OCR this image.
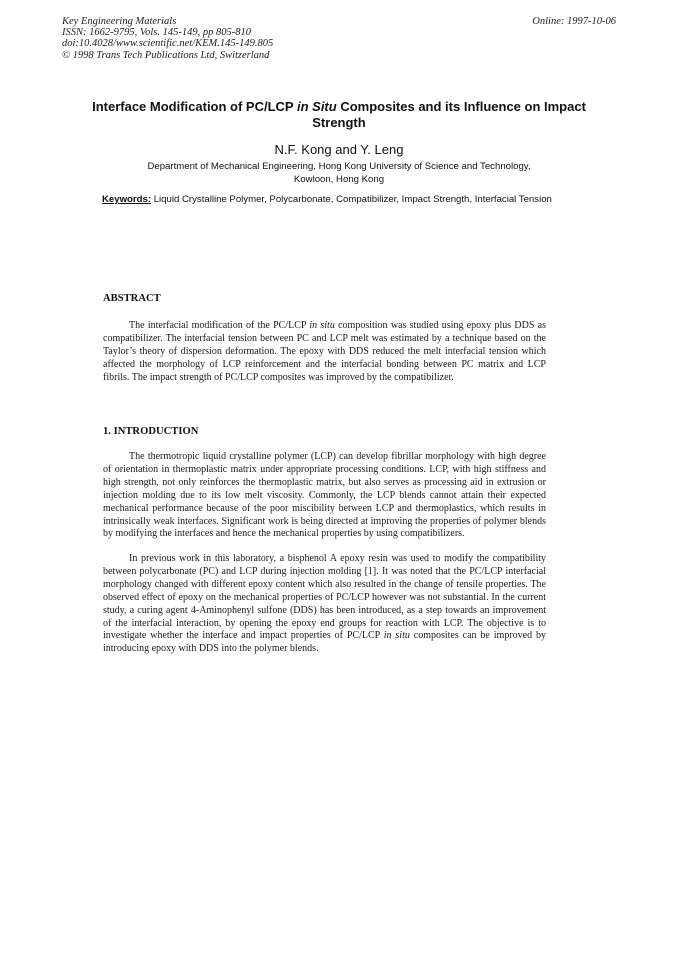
Key Engineering Materials
ISSN: 1662-9795, Vols. 145-149, pp 805-810
doi:10.4028/www.scientific.net/KEM.145-149.805
© 1998 Trans Tech Publications Ltd, Switzerland
Online: 1997-10-06
Interface Modification of PC/LCP in Situ Composites and its Influence on Impact Strength
N.F. Kong and Y. Leng
Department of Mechanical Engineering, Hong Kong University of Science and Technology,
Kowloon, Hong Kong
Keywords: Liquid Crystalline Polymer, Polycarbonate, Compatibilizer, Impact Strength, Interfacial Tension
ABSTRACT
The interfacial modification of the PC/LCP in situ composition was studied using epoxy plus DDS as compatibilizer. The interfacial tension between PC and LCP melt was estimated by a technique based on the Taylor’s theory of dispersion deformation. The epoxy with DDS reduced the melt interfacial tension which affected the morphology of LCP reinforcement and the interfacial bonding between PC matrix and LCP fibrils. The impact strength of PC/LCP composites was improved by the compatibilizer.
1. INTRODUCTION
The thermotropic liquid crystalline polymer (LCP) can develop fibrillar morphology with high degree of orientation in thermoplastic matrix under appropriate processing conditions. LCP, with high stiffness and high strength, not only reinforces the thermoplastic matrix, but also serves as processing aid in extrusion or injection molding due to its low melt viscosity. Commonly, the LCP blends cannot attain their expected mechanical performance because of the poor miscibility between LCP and thermoplastics, which results in intrinsically weak interfaces. Significant work is being directed at improving the properties of polymer blends by modifying the interfaces and hence the mechanical properties by using compatibilizers.
In previous work in this laboratory, a bisphenol A epoxy resin was used to modify the compatibility between polycarbonate (PC) and LCP during injection molding [1]. It was noted that the PC/LCP interfacial morphology changed with different epoxy content which also resulted in the change of tensile properties. The observed effect of epoxy on the mechanical properties of PC/LCP however was not substantial. In the current study, a curing agent 4-Aminophenyl sulfone (DDS) has been introduced, as a step towards an improvement of the interfacial interaction, by opening the epoxy end groups for reaction with LCP. The objective is to investigate whether the interface and impact properties of PC/LCP in situ composites can be improved by introducing epoxy with DDS into the polymer blends.
